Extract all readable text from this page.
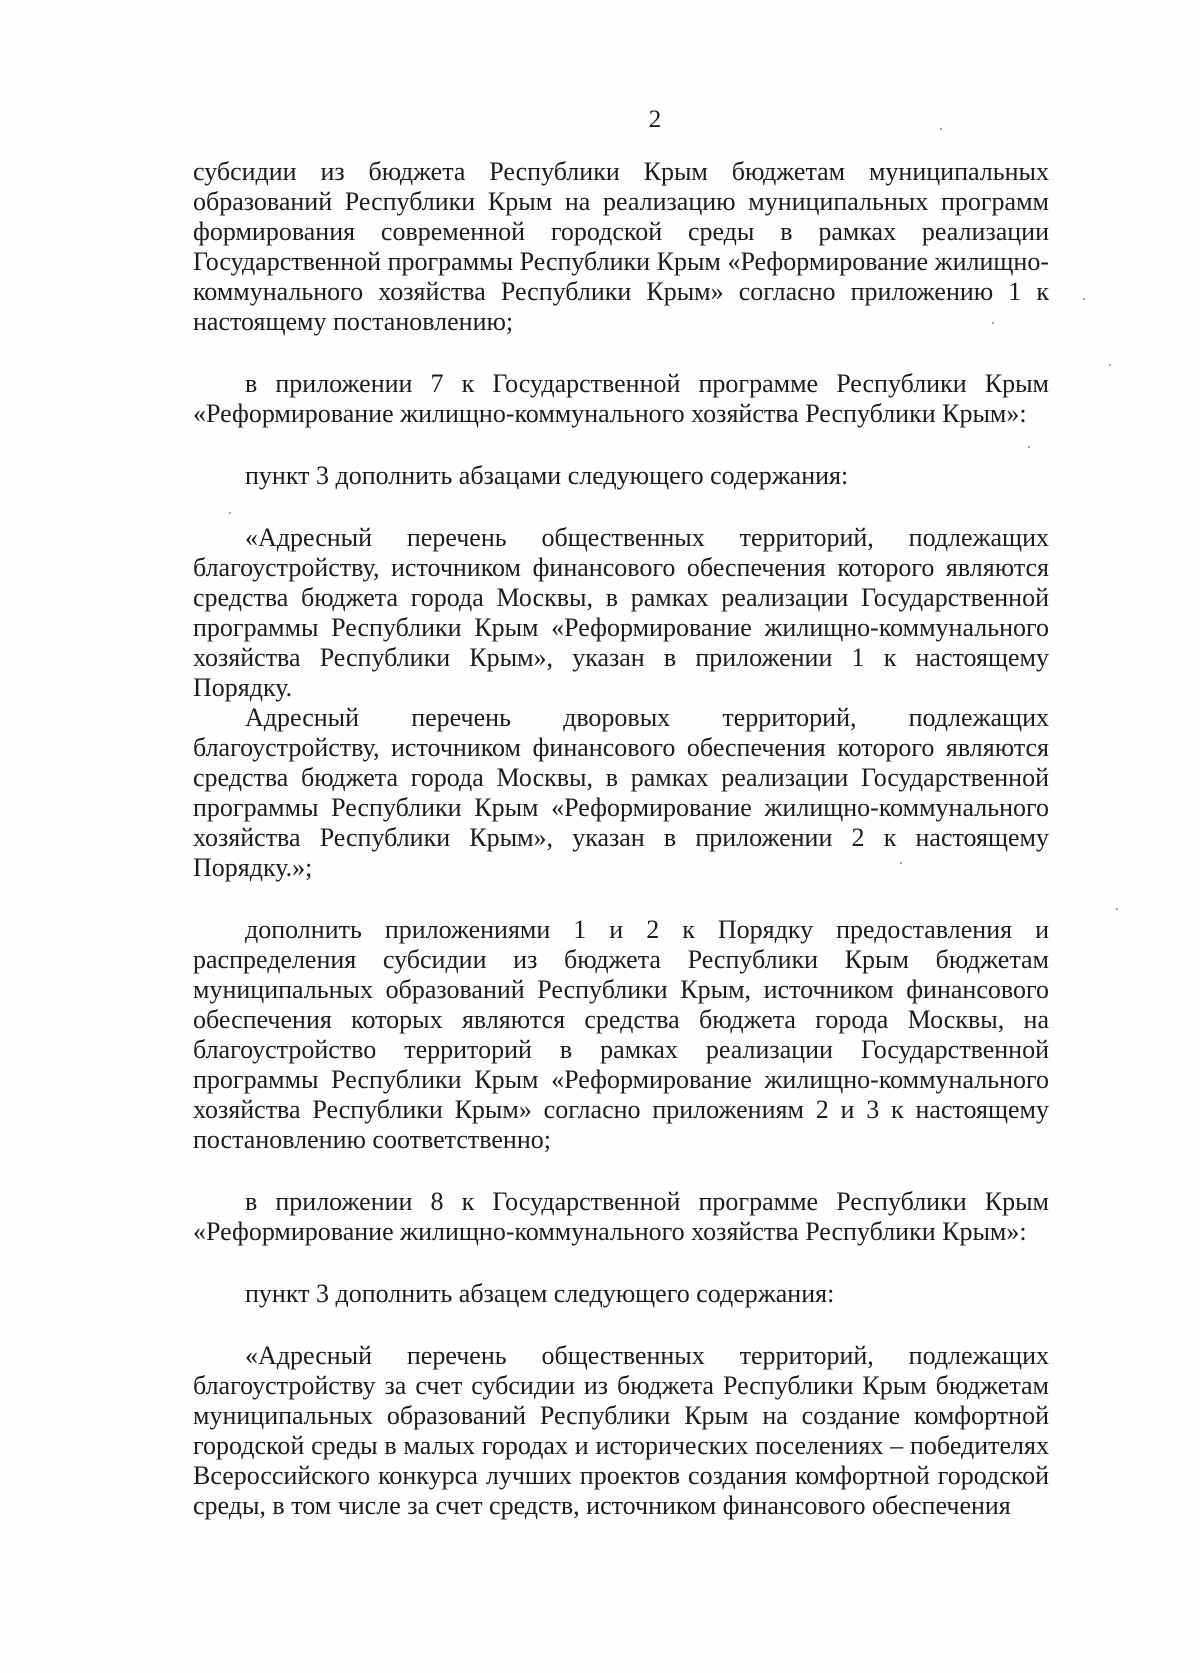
2

субсидии из бюджета Республики Крым бюджетам муниципальных образований Республики Крым на реализацию муниципальных программ формирования современной городской среды в рамках реализации Государственной программы Республики Крым «Реформирование жилищно-коммунального хозяйства Республики Крым» согласно приложению 1 к настоящему постановлению;

в приложении 7 к Государственной программе Республики Крым «Реформирование жилищно-коммунального хозяйства Республики Крым»:

пункт 3 дополнить абзацами следующего содержания:

«Адресный перечень общественных территорий, подлежащих благоустройству, источником финансового обеспечения которого являются средства бюджета города Москвы, в рамках реализации Государственной программы Республики Крым «Реформирование жилищно-коммунального хозяйства Республики Крым», указан в приложении 1 к настоящему Порядку.

Адресный перечень дворовых территорий, подлежащих благоустройству, источником финансового обеспечения которого являются средства бюджета города Москвы, в рамках реализации Государственной программы Республики Крым «Реформирование жилищно-коммунального хозяйства Республики Крым», указан в приложении 2 к настоящему Порядку.»;

дополнить приложениями 1 и 2 к Порядку предоставления и распределения субсидии из бюджета Республики Крым бюджетам муниципальных образований Республики Крым, источником финансового обеспечения которых являются средства бюджета города Москвы, на благоустройство территорий в рамках реализации Государственной программы Республики Крым «Реформирование жилищно-коммунального хозяйства Республики Крым» согласно приложениям 2 и 3 к настоящему постановлению соответственно;

в приложении 8 к Государственной программе Республики Крым «Реформирование жилищно-коммунального хозяйства Республики Крым»:

пункт 3 дополнить абзацем следующего содержания:

«Адресный перечень общественных территорий, подлежащих благоустройству за счет субсидии из бюджета Республики Крым бюджетам муниципальных образований Республики Крым на создание комфортной городской среды в малых городах и исторических поселениях – победителях Всероссийского конкурса лучших проектов создания комфортной городской среды, в том числе за счет средств, источником финансового обеспечения
